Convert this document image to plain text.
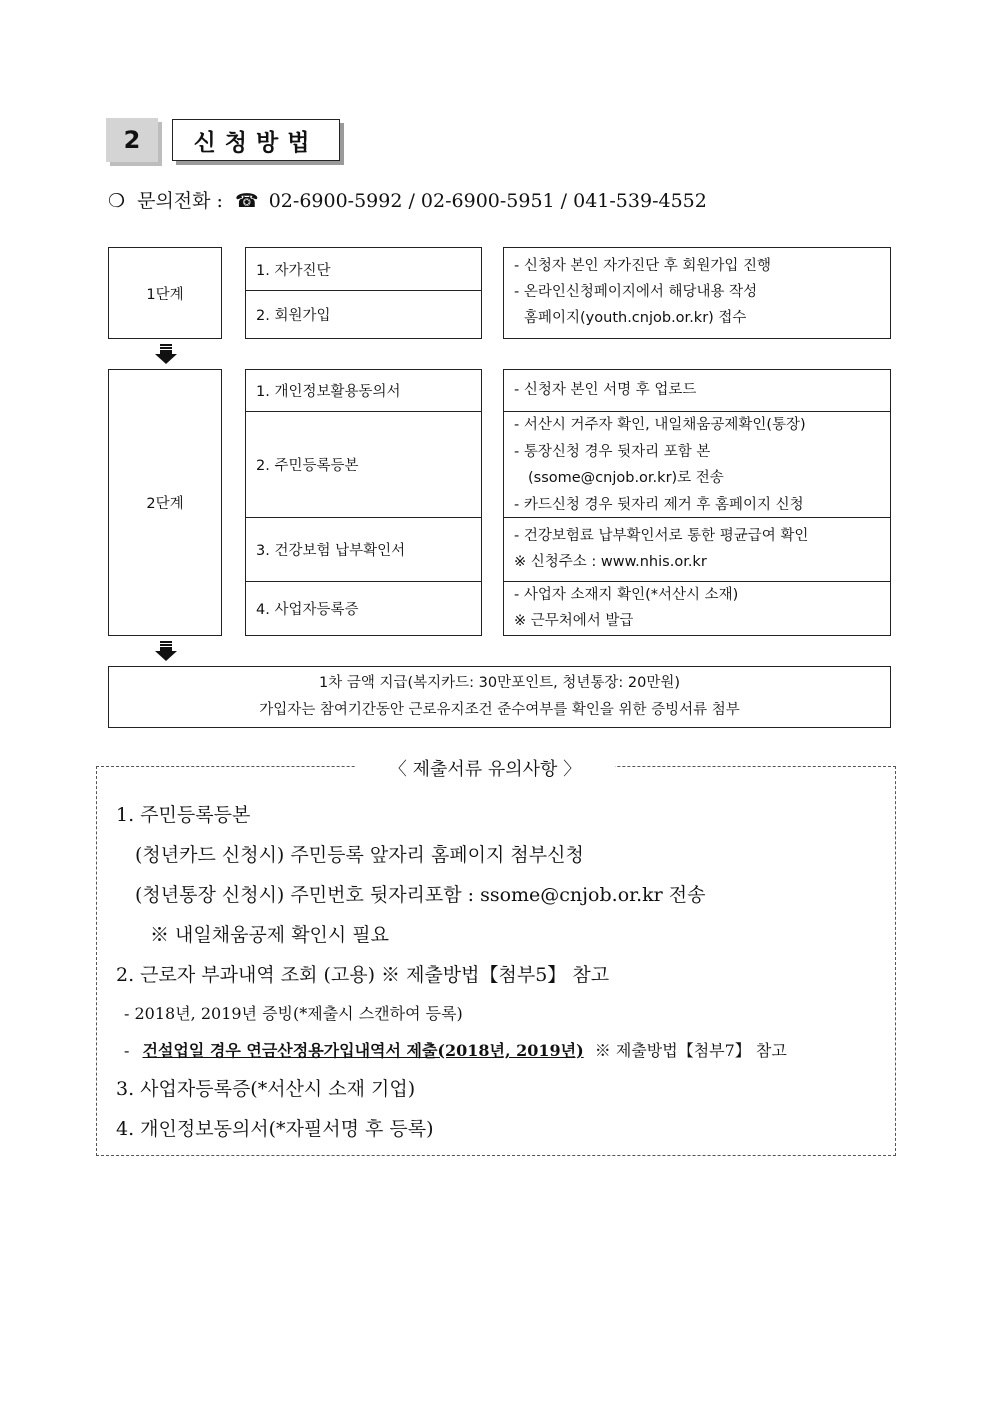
2	신청방법
❍ 문의전화 : ☎ 02-6900-5992 / 02-6900-5951 / 041-539-4552
1단계
1. 자가진단
2. 회원가입
- 신청자 본인 자가진단 후 회원가입 진행
- 온라인신청페이지에서 해당내용 작성
홈페이지(youth.cnjob.or.kr) 접수
2단계
1. 개인정보활용동의서
2. 주민등록등본
3. 건강보험 납부확인서
4. 사업자등록증
- 신청자 본인 서명 후 업로드
- 서산시 거주자 확인, 내일채움공제확인(통장)
- 통장신청 경우 뒷자리 포함 본
(ssome@cnjob.or.kr)로 전송
- 카드신청 경우 뒷자리 제거 후 홈페이지 신청
- 건강보험료 납부확인서로 통한 평균급여 확인
※ 신청주소 : www.nhis.or.kr
- 사업자 소재지 확인(*서산시 소재)
※ 근무처에서 발급
1차 금액 지급(복지카드: 30만포인트, 청년통장: 20만원)
가입자는 참여기간동안 근로유지조건 준수여부를 확인을 위한 증빙서류 첨부
〈 제출서류 유의사항 〉
1. 주민등록등본
(청년카드 신청시) 주민등록 앞자리 홈페이지 첨부신청
(청년통장 신청시) 주민번호 뒷자리포함 : ssome@cnjob.or.kr 전송
※ 내일채움공제 확인시 필요
2. 근로자 부과내역 조회 (고용) ※ 제출방법【첨부5】 참고
- 2018년, 2019년 증빙(*제출시 스캔하여 등록)
- 건설업일 경우 연금산정용가입내역서 제출(2018년, 2019년) ※ 제출방법【첨부7】 참고
3. 사업자등록증(*서산시 소재 기업)
4. 개인정보동의서(*자필서명 후 등록)
